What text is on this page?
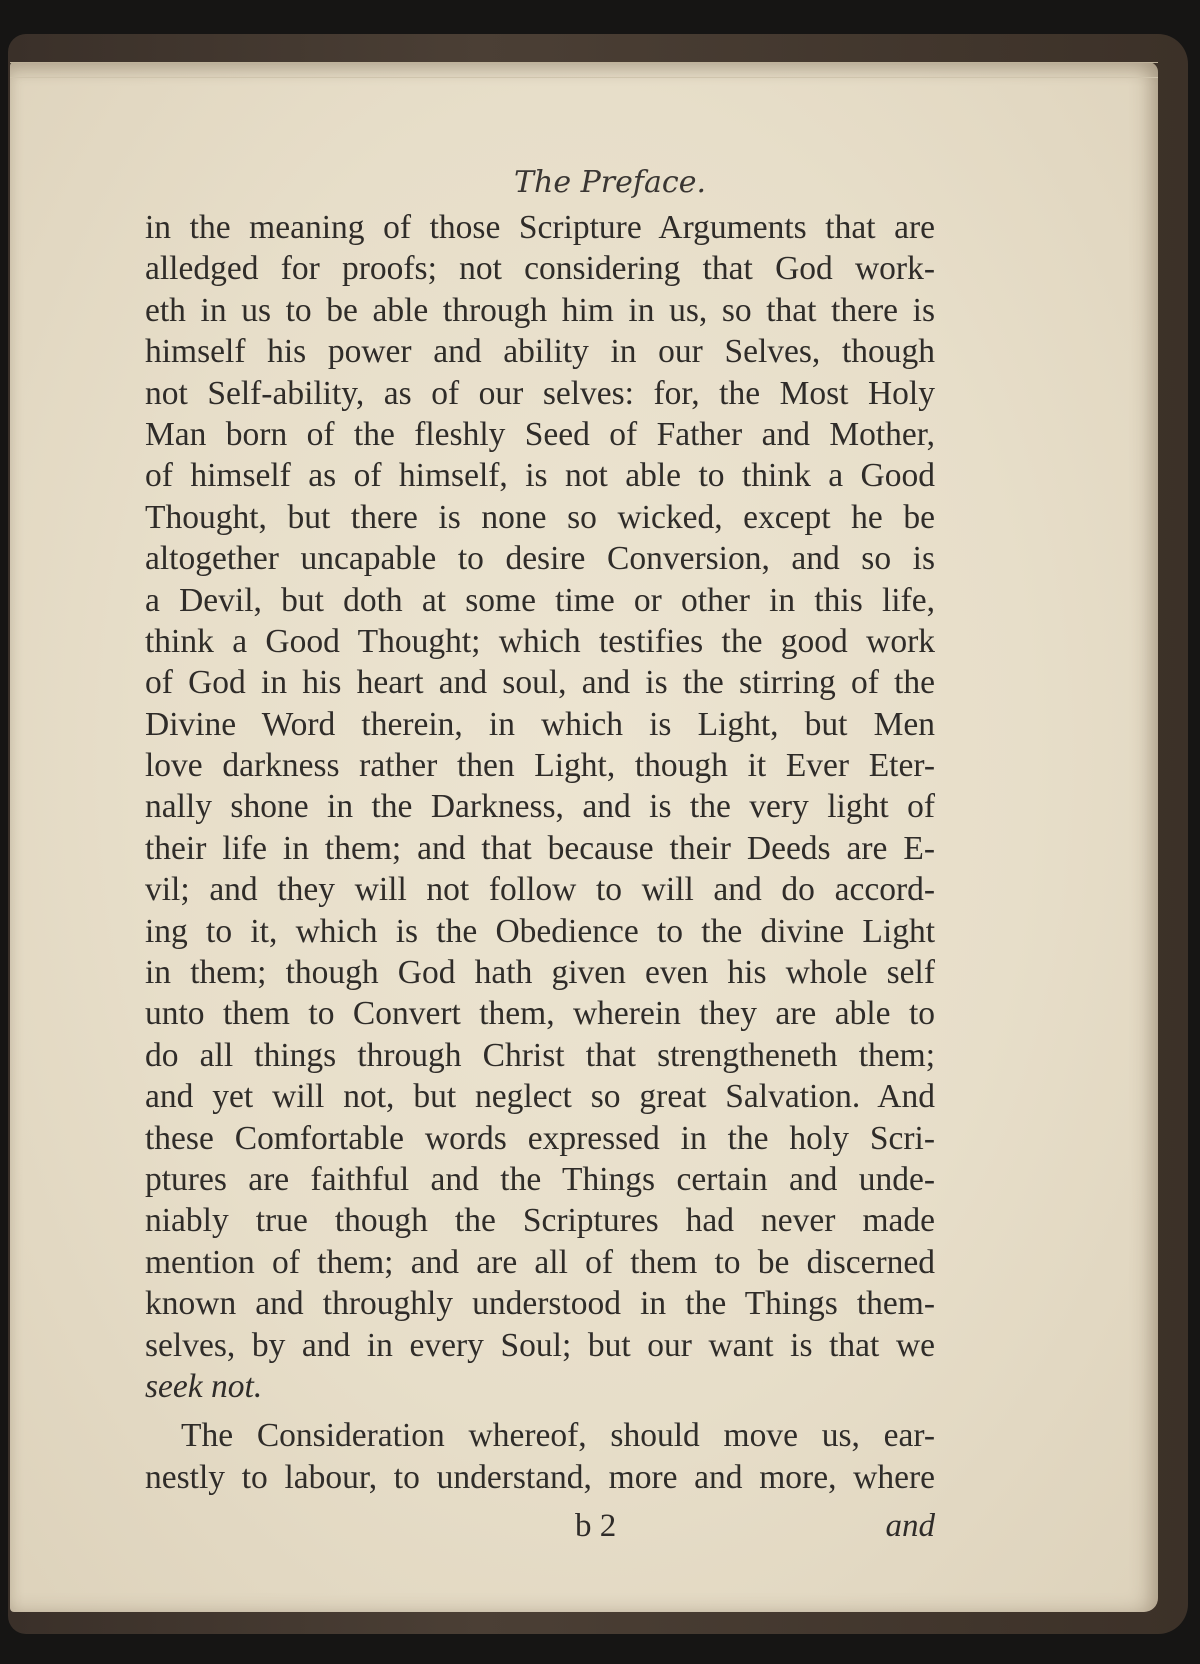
The Preface.
in the meaning of those Scripture Arguments that are
alledged for proofs; not considering that God work-
eth in us to be able through him in us, so that there is
himself his power and ability in our Selves, though
not Self-ability, as of our selves: for, the Most Holy
Man born of the fleshly Seed of Father and Mother,
of himself as of himself, is not able to think a Good
Thought, but there is none so wicked, except he be
altogether uncapable to desire Conversion, and so is
a Devil, but doth at some time or other in this life,
think a Good Thought; which testifies the good work
of God in his heart and soul, and is the stirring of the
Divine Word therein, in which is Light, but Men
love darkness rather then Light, though it Ever Eter-
nally shone in the Darkness, and is the very light of
their life in them; and that because their Deeds are E-
vil; and they will not follow to will and do accord-
ing to it, which is the Obedience to the divine Light
in them; though God hath given even his whole self
unto them to Convert them, wherein they are able to
do all things through Christ that strengtheneth them;
and yet will not, but neglect so great Salvation. And
these Comfortable words expressed in the holy Scri-
ptures are faithful and the Things certain and unde-
niably true though the Scriptures had never made
mention of them; and are all of them to be discerned
known and throughly understood in the Things them-
selves, by and in every Soul; but our want is that we
seek not.
The Consideration whereof, should move us, ear-
nestly to labour, to understand, more and more, where
b 2	and
